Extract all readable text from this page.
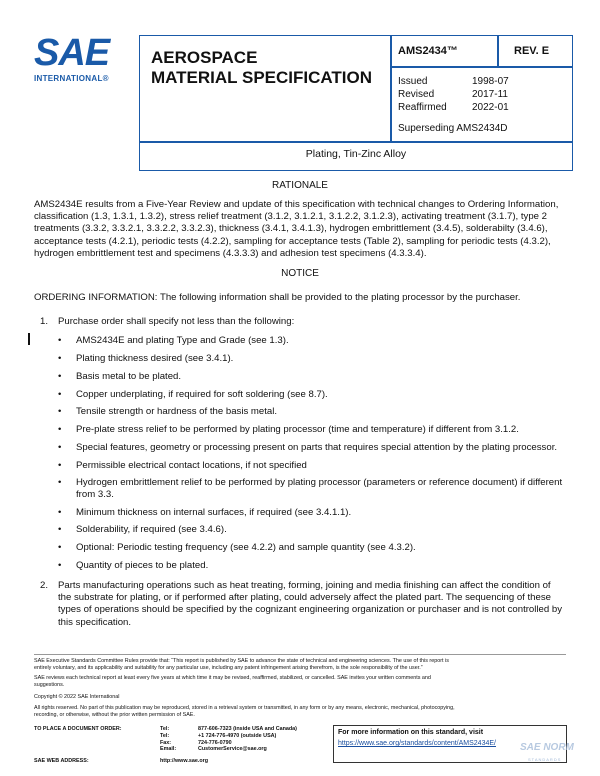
SAE
INTERNATIONAL®
AEROSPACE
MATERIAL SPECIFICATION
AMS2434™	REV. E
Issued	1998-07
Revised	2017-11
Reaffirmed	2022-01
Superseding AMS2434D
Plating, Tin-Zinc Alloy
RATIONALE
AMS2434E results from a Five-Year Review and update of this specification with technical changes to Ordering Information,
classification (1.3, 1.3.1, 1.3.2), stress relief treatment (3.1.2, 3.1.2.1, 3.1.2.2, 3.1.2.3), activating treatment (3.1.7), type 2
treatments (3.3.2, 3.3.2.1, 3.3.2.2, 3.3.2.3), thickness (3.4.1, 3.4.1.3), hydrogen embrittlement (3.4.5), solderabilty (3.4.6),
acceptance tests (4.2.1), periodic tests (4.2.2), sampling for acceptance tests (Table 2), sampling for periodic tests (4.3.2),
hydrogen embrittlement test and specimens (4.3.3.3) and adhesion test specimens (4.3.3.4).
NOTICE
ORDERING INFORMATION: The following information shall be provided to the plating processor by the purchaser.
1. Purchase order shall specify not less than the following:
• AMS2434E and plating Type and Grade (see 1.3).
• Plating thickness desired (see 3.4.1).
• Basis metal to be plated.
• Copper underplating, if required for soft soldering (see 8.7).
• Tensile strength or hardness of the basis metal.
• Pre-plate stress relief to be performed by plating processor (time and temperature) if different from 3.1.2.
• Special features, geometry or processing present on parts that requires special attention by the plating processor.
• Permissible electrical contact locations, if not specified
• Hydrogen embrittlement relief to be performed by plating processor (parameters or reference document) if different
from 3.3.
• Minimum thickness on internal surfaces, if required (see 3.4.1.1).
• Solderability, if required (see 3.4.6).
• Optional: Periodic testing frequency (see 4.2.2) and sample quantity (see 4.3.2).
• Quantity of pieces to be plated.
2. Parts manufacturing operations such as heat treating, forming, joining and media finishing can affect the condition of
the substrate for plating, or if performed after plating, could adversely affect the plated part. The sequencing of these
types of operations should be specified by the cognizant engineering organization or purchaser and is not controlled by
this specification.
SAE Executive Standards Committee Rules provide that: “This report is published by SAE to advance the state of technical and engineering sciences. The use of this report is
entirely voluntary, and its applicability and suitability for any particular use, including any patent infringement arising therefrom, is the sole responsibility of the user.”
SAE reviews each technical report at least every five years at which time it may be revised, reaffirmed, stabilized, or cancelled. SAE invites your written comments and
suggestions.
Copyright © 2022 SAE International
All rights reserved. No part of this publication may be reproduced, stored in a retrieval system or transmitted, in any form or by any means, electronic, mechanical, photocopying,
recording, or otherwise, without the prior written permission of SAE.
TO PLACE A DOCUMENT ORDER:	Tel:	877-606-7323 (inside USA and Canada)
Tel:	+1 724-776-4970 (outside USA)
Fax:	724-776-0790
Email:	CustomerService@sae.org
SAE WEB ADDRESS:	http://www.sae.org
For more information on this standard, visit
https://www.sae.org/standards/content/AMS2434E/ SAE NORM
STANDARDS
